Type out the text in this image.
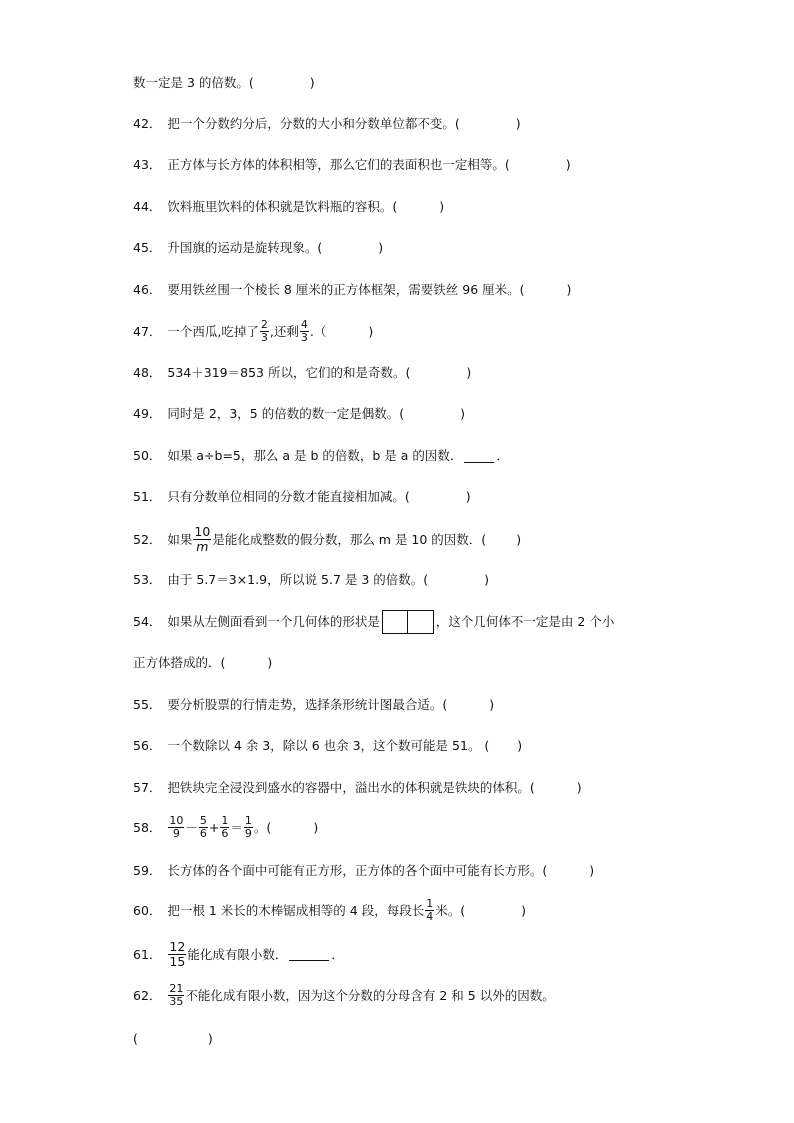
数一定是 3 的倍数。(	)
42． 把一个分数约分后，分数的大小和分数单位都不变。(	)
43． 正方体与长方体的体积相等，那么它们的表面积也一定相等。(	)
44． 饮料瓶里饮料的体积就是饮料瓶的容积。(	)
45． 升国旗的运动是旋转现象。(	)
46． 要用铁丝围一个棱长 8 厘米的正方体框架，需要铁丝 96 厘米。(	)
47． 一个西瓜,吃掉了 $\frac{2}{3}$ ,还剩 $\frac{4}{3}$ .（	)
48． 534＋319＝853 所以，它们的和是奇数。(	)
49． 同时是 2，3，5 的倍数的数一定是偶数。(	)
50． 如果 a÷b=5，那么 a 是 b 的倍数，b 是 a 的因数．	．
51． 只有分数单位相同的分数才能直接相加减。(	)
52． 如果 $\frac{10}{m}$ 是能化成整数的假分数，那么 m 是 10 的因数．( )
53． 由于 5.7＝3×1.9，所以说 5.7 是 3 的倍数。(	)
54． 如果从左侧面看到一个几何体的形状是	，这个几何体不一定是由 2 个小
正方体搭成的．(	)
55． 要分析股票的行情走势，选择条形统计图最合适。(	)
56． 一个数除以 4 余 3，除以 6 也余 3，这个数可能是 51。 ( )
57． 把铁块完全浸没到盛水的容器中，溢出水的体积就是铁块的体积。(	)
58． $\frac{10}{9} - \frac{5}{6} + \frac{1}{6} = \frac{1}{9}$ 。(	)
59． 长方体的各个面中可能有正方形，正方体的各个面中可能有长方形。(	)
60． 把一根 1 米长的木棒锯成相等的 4 段，每段长 $\frac{1}{4}$ 米。(	)
61． $\frac{12}{15}$ 能化成有限小数．	．
62． $\frac{21}{35}$ 不能化成有限小数，因为这个分数的分母含有 2 和 5 以外的因数。
(	)
